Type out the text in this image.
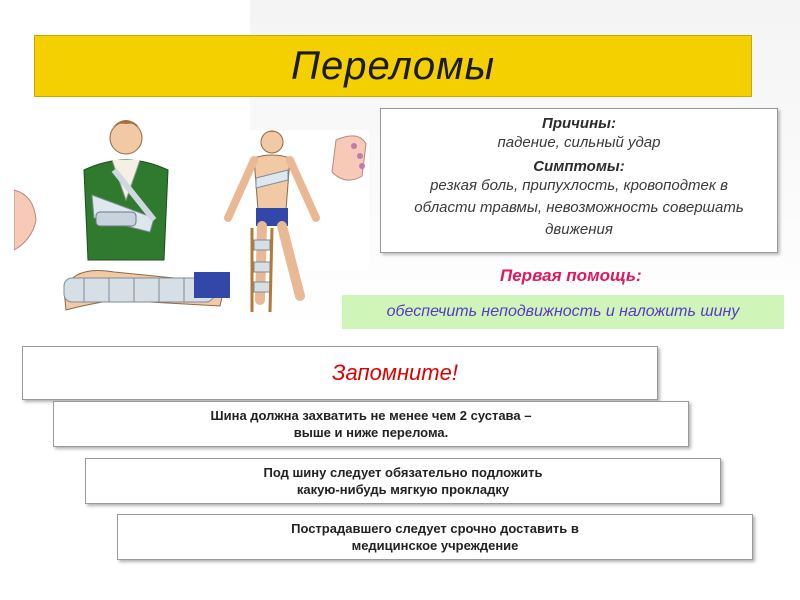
Переломы
Причины:
падение, сильный удар
Симптомы:
резкая боль, припухлость, кровоподтек в
области травмы, невозможность совершать
движения
Первая помощь:
обеспечить неподвижность и наложить шину
Запомните!
Шина должна захватить не менее чем 2 сустава –
выше и ниже перелома.
Под шину следует обязательно подложить
какую-нибудь мягкую прокладку
Пострадавшего следует срочно доставить в
медицинское учреждение
